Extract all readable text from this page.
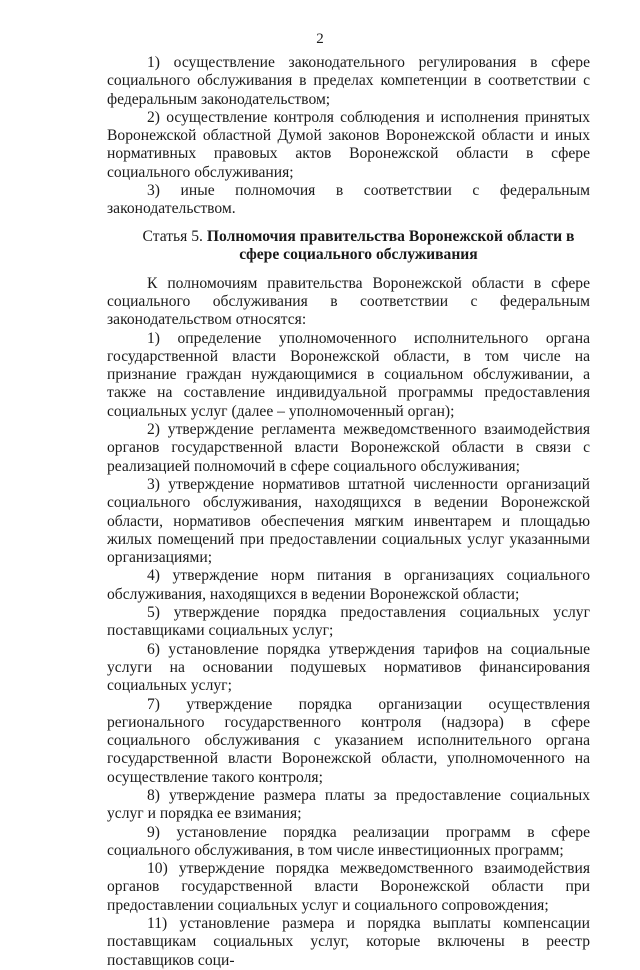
2

1) осуществление законодательного регулирования в сфере социального обслуживания в пределах компетенции в соответствии с федеральным законодательством;

2) осуществление контроля соблюдения и исполнения принятых Воронежской областной Думой законов Воронежской области и иных нормативных правовых актов Воронежской области в сфере социального обслуживания;

3) иные полномочия в соответствии с федеральным законодательством.

Статья 5. Полномочия правительства Воронежской области в сфере социального обслуживания

К полномочиям правительства Воронежской области в сфере социального обслуживания в соответствии с федеральным законодательством относятся:

1) определение уполномоченного исполнительного органа государственной власти Воронежской области, в том числе на признание граждан нуждающимися в социальном обслуживании, а также на составление индивидуальной программы предоставления социальных услуг (далее – уполномоченный орган);

2) утверждение регламента межведомственного взаимодействия органов государственной власти Воронежской области в связи с реализацией полномочий в сфере социального обслуживания;

3) утверждение нормативов штатной численности организаций социального обслуживания, находящихся в ведении Воронежской области, нормативов обеспечения мягким инвентарем и площадью жилых помещений при предоставлении социальных услуг указанными организациями;

4) утверждение норм питания в организациях социального обслуживания, находящихся в ведении Воронежской области;

5) утверждение порядка предоставления социальных услуг поставщиками социальных услуг;

6) установление порядка утверждения тарифов на социальные услуги на основании подушевых нормативов финансирования социальных услуг;

7) утверждение порядка организации осуществления регионального государственного контроля (надзора) в сфере социального обслуживания с указанием исполнительного органа государственной власти Воронежской области, уполномоченного на осуществление такого контроля;

8) утверждение размера платы за предоставление социальных услуг и порядка ее взимания;

9) установление порядка реализации программ в сфере социального обслуживания, в том числе инвестиционных программ;

10) утверждение порядка межведомственного взаимодействия органов государственной власти Воронежской области при предоставлении социальных услуг и социального сопровождения;

11) установление размера и порядка выплаты компенсации поставщикам социальных услуг, которые включены в реестр поставщиков соци-
